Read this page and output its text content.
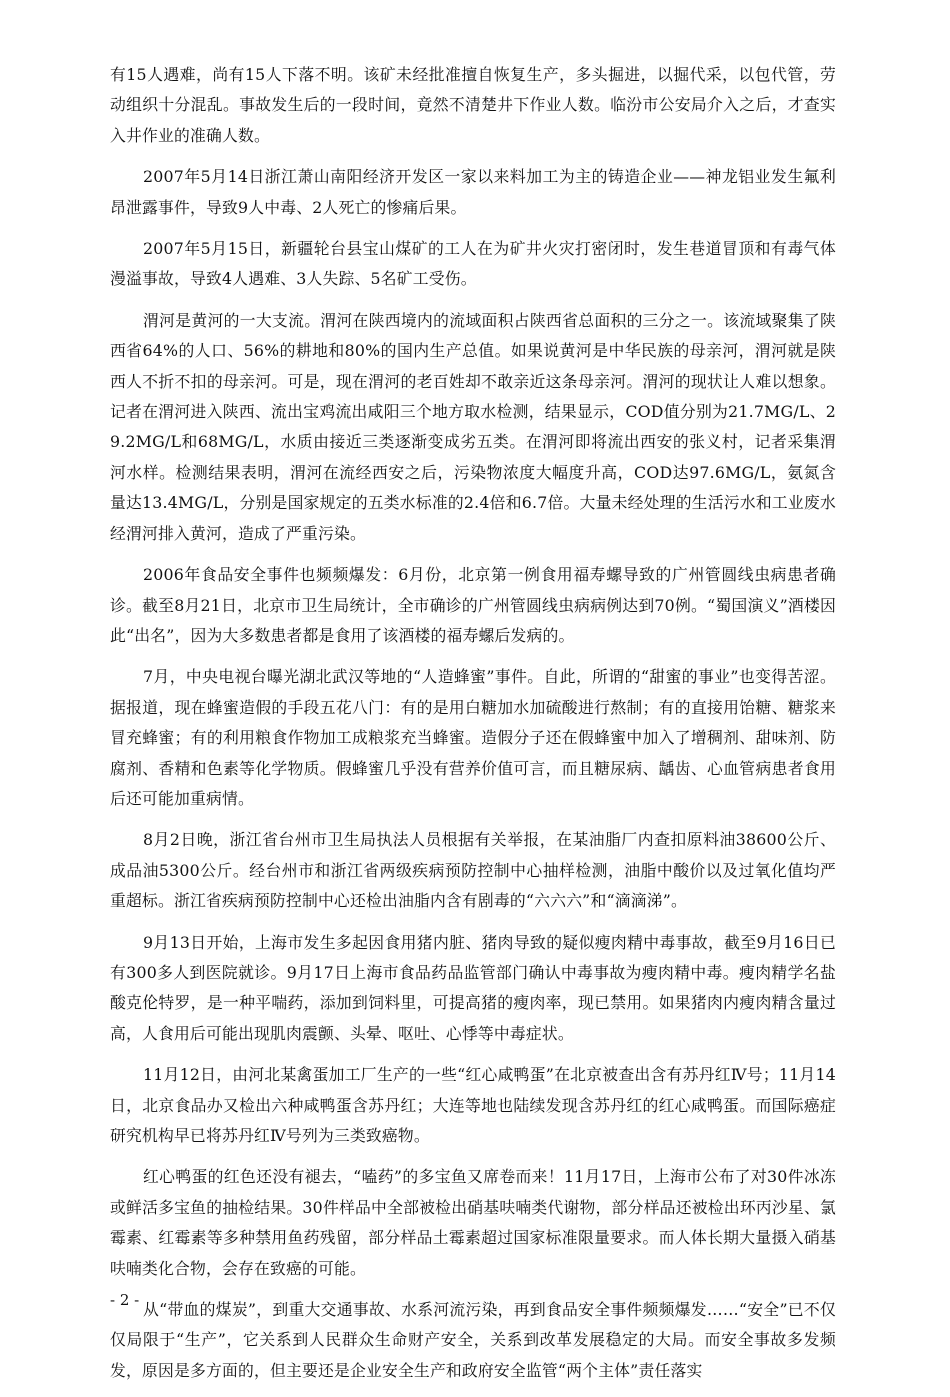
有15人遇难，尚有15人下落不明。该矿未经批准擅自恢复生产，多头掘进，以掘代采，以包代管，劳动组织十分混乱。事故发生后的一段时间，竟然不清楚井下作业人数。临汾市公安局介入之后，才查实入井作业的准确人数。

2007年5月14日浙江萧山南阳经济开发区一家以来料加工为主的铸造企业——神龙铝业发生氟利昂泄露事件，导致9人中毒、2人死亡的惨痛后果。

2007年5月15日，新疆轮台县宝山煤矿的工人在为矿井火灾打密闭时，发生巷道冒顶和有毒气体漫溢事故，导致4人遇难、3人失踪、5名矿工受伤。

渭河是黄河的一大支流。渭河在陕西境内的流域面积占陕西省总面积的三分之一。该流域聚集了陕西省64%的人口、56%的耕地和80%的国内生产总值。如果说黄河是中华民族的母亲河，渭河就是陕西人不折不扣的母亲河。可是，现在渭河的老百姓却不敢亲近这条母亲河。渭河的现状让人难以想象。记者在渭河进入陕西、流出宝鸡流出咸阳三个地方取水检测，结果显示，COD值分别为21.7MG/L、29.2MG/L和68MG/L，水质由接近三类逐渐变成劣五类。在渭河即将流出西安的张义村，记者采集渭河水样。检测结果表明，渭河在流经西安之后，污染物浓度大幅度升高，COD达97.6MG/L，氨氮含量达13.4MG/L，分别是国家规定的五类水标准的2.4倍和6.7倍。大量未经处理的生活污水和工业废水经渭河排入黄河，造成了严重污染。

2006年食品安全事件也频频爆发：6月份，北京第一例食用福寿螺导致的广州管圆线虫病患者确诊。截至8月21日，北京市卫生局统计，全市确诊的广州管圆线虫病病例达到70例。“蜀国演义”酒楼因此“出名”，因为大多数患者都是食用了该酒楼的福寿螺后发病的。

7月，中央电视台曝光湖北武汉等地的“人造蜂蜜”事件。自此，所谓的“甜蜜的事业”也变得苦涩。据报道，现在蜂蜜造假的手段五花八门：有的是用白糖加水加硫酸进行熬制；有的直接用饴糖、糖浆来冒充蜂蜜；有的利用粮食作物加工成粮浆充当蜂蜜。造假分子还在假蜂蜜中加入了增稠剂、甜味剂、防腐剂、香精和色素等化学物质。假蜂蜜几乎没有营养价值可言，而且糖尿病、龋齿、心血管病患者食用后还可能加重病情。

8月2日晚，浙江省台州市卫生局执法人员根据有关举报，在某油脂厂内查扣原料油38600公斤、成品油5300公斤。经台州市和浙江省两级疾病预防控制中心抽样检测，油脂中酸价以及过氧化值均严重超标。浙江省疾病预防控制中心还检出油脂内含有剧毒的“六六六”和“滴滴涕”。

9月13日开始，上海市发生多起因食用猪内脏、猪肉导致的疑似瘦肉精中毒事故，截至9月16日已有300多人到医院就诊。9月17日上海市食品药品监管部门确认中毒事故为瘦肉精中毒。瘦肉精学名盐酸克伦特罗，是一种平喘药，添加到饲料里，可提高猪的瘦肉率，现已禁用。如果猪肉内瘦肉精含量过高，人食用后可能出现肌肉震颤、头晕、呕吐、心悸等中毒症状。

11月12日，由河北某禽蛋加工厂生产的一些“红心咸鸭蛋”在北京被查出含有苏丹红Ⅳ号；11月14日，北京食品办又检出六种咸鸭蛋含苏丹红；大连等地也陆续发现含苏丹红的红心咸鸭蛋。而国际癌症研究机构早已将苏丹红Ⅳ号列为三类致癌物。

红心鸭蛋的红色还没有褪去，“嗑药”的多宝鱼又席卷而来！11月17日，上海市公布了对30件冰冻或鲜活多宝鱼的抽检结果。30件样品中全部被检出硝基呋喃类代谢物，部分样品还被检出环丙沙星、氯霉素、红霉素等多种禁用鱼药残留，部分样品土霉素超过国家标准限量要求。而人体长期大量摄入硝基呋喃类化合物，会存在致癌的可能。

从“带血的煤炭”，到重大交通事故、水系河流污染，再到食品安全事件频频爆发……“安全”已不仅仅局限于“生产”，它关系到人民群众生命财产安全，关系到改革发展稳定的大局。而安全事故多发频发，原因是多方面的，但主要还是企业安全生产和政府安全监管“两个主体”责任落实

- 2 -
